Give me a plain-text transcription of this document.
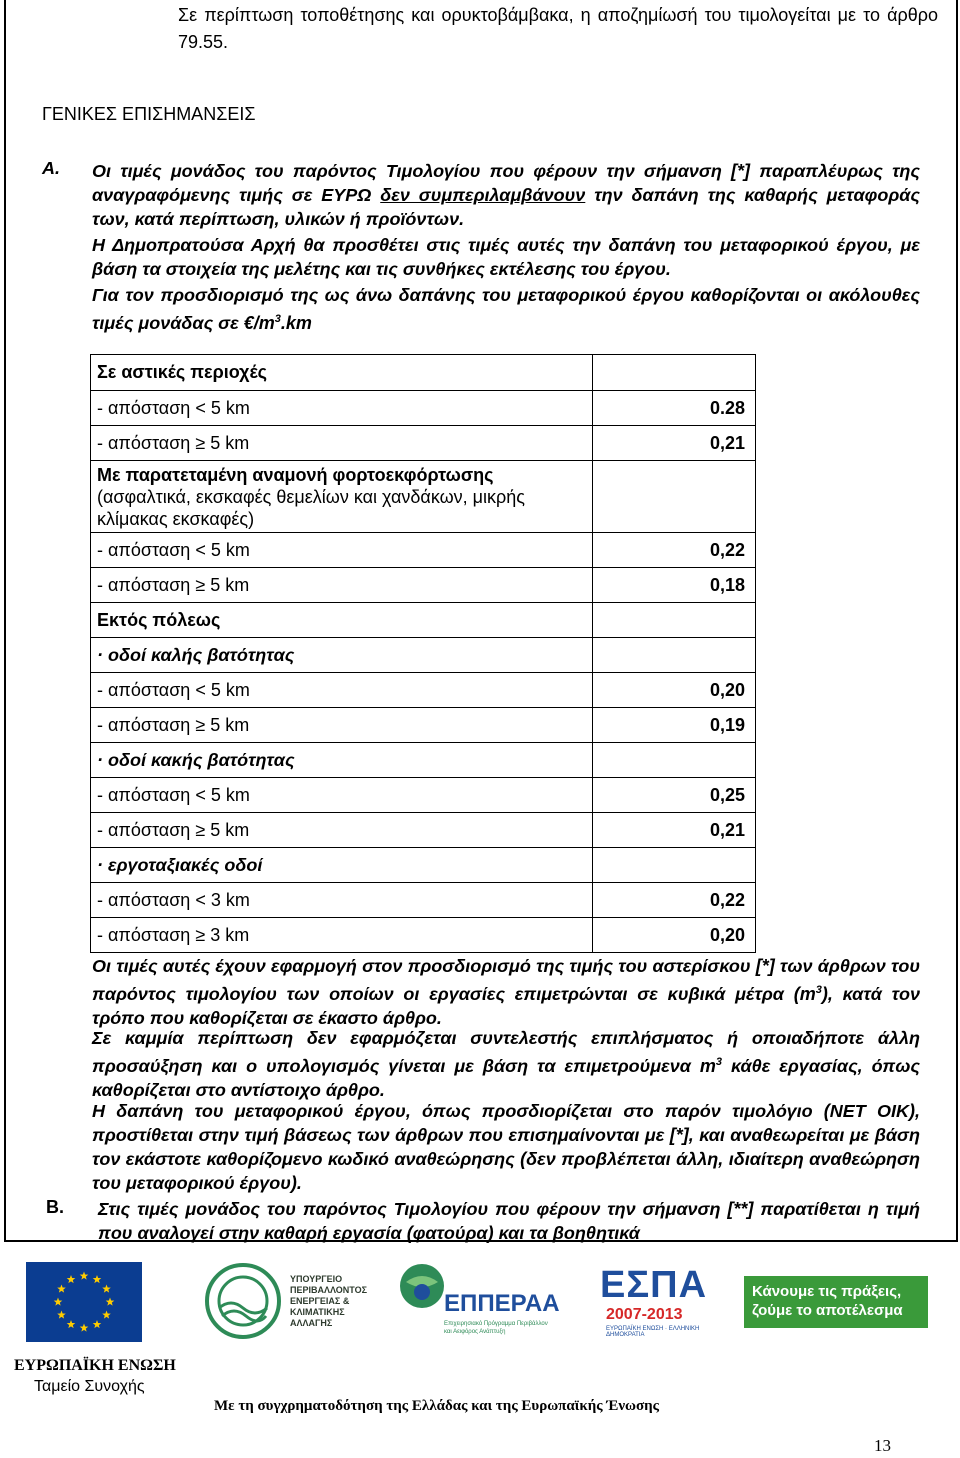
Σε περίπτωση τοποθέτησης και ορυκτοβάμβακα, η αποζημίωσή του τιμολογείται με το άρθρο 79.55.
ΓΕΝΙΚΕΣ ΕΠΙΣΗΜΑΝΣΕΙΣ
Α. Οι τιμές μονάδος του παρόντος Τιμολογίου που φέρουν την σήμανση [*] παραπλέυρως της αναγραφόμενης τιμής σε ΕΥΡΩ δεν συμπεριλαμβάνουν την δαπάνη της καθαρής μεταφοράς των, κατά περίπτωση, υλικών ή προϊόντων.
Η Δημοπρατούσα Αρχή θα προσθέτει στις τιμές αυτές την δαπάνη του μεταφορικού έργου, με βάση τα στοιχεία της μελέτης και τις συνθήκες εκτέλεσης του έργου.
Για τον προσδιορισμό της ως άνω δαπάνης του μεταφορικού έργου καθορίζονται οι ακόλουθες τιμές μονάδας σε $€/m^3.km$
Σε αστικές περιοχές	
- απόσταση < 5 km	0.28
- απόσταση ≥ 5 km	0,21

Με παρατεταμένη αναμονή φορτοεκφόρτωσης
(ασφαλτικά, εκσκαφές θεμελίων και χανδάκων, μικρής κλίμακας εκσκαφές)	

- απόσταση < 5 km	0,22
- απόσταση ≥ 5 km	0,18
Εκτός πόλεως	
· οδοί καλής βατότητας	
- απόσταση < 5 km	0,20
- απόσταση ≥ 5 km	0,19
· οδοί κακής βατότητας	
- απόσταση < 5 km	0,25
- απόσταση ≥ 5 km	0,21
· εργοταξιακές οδοί	
- απόσταση < 3 km	0,22
- απόσταση ≥ 3 km	0,20
Οι τιμές αυτές έχουν εφαρμογή στον προσδιορισμό της τιμής του αστερίσκου [*] των άρθρων του παρόντος τιμολογίου των οποίων οι εργασίες επιμετρώνται σε κυβικά μέτρα $(m^3)$, κατά τον τρόπο που καθορίζεται σε έκαστο άρθρο.
Σε καμμία περίπτωση δεν εφαρμόζεται συντελεστής επιπλήσματος ή οποιαδήποτε άλλη προσαύξηση και ο υπολογισμός γίνεται με βάση τα επιμετρούμενα $m^3$ κάθε εργασίας, όπως καθορίζεται στο αντίστοιχο άρθρο.
Η δαπάνη του μεταφορικού έργου, όπως προσδιορίζεται στο παρόν τιμολόγιο (ΝΕΤ ΟΙΚ), προστίθεται στην τιμή βάσεως των άρθρων που επισημαίνονται με [*], και αναθεωρείται με βάση τον εκάστοτε καθορίζομενο κωδικό αναθεώρησης (δεν προβλέπεται άλλη, ιδιαίτερη αναθεώρηση του μεταφορικού έργου).
Β. Στις τιμές μονάδος του παρόντος Τιμολογίου που φέρουν την σήμανση [**] παρατίθεται η τιμή που αναλογεί στην καθαρή εργασία (φατούρα) και τα βοηθητικά
ΕΥΡΩΠΑΪΚΗ ΕΝΩΣΗ
Ταμείο Συνοχής
ΥΠΟΥΡΓΕΙΟ ΠΕΡΙΒΑΛΛΟΝΤΟΣ ΕΝΕΡΓΕΙΑΣ & ΚΛΙΜΑΤΙΚΗΣ ΑΛΛΑΓΗΣ
ΕΠΠΕΡΑΑ
Επιχειρησιακό Πρόγραμμα Περιβάλλον και Αειφόρος Ανάπτυξη
ΕΣΠΑ
2007-2013
ΕΥΡΩΠΑΪΚΗ ΕΝΩΣΗ · ΕΛΛΗΝΙΚΗ ΔΗΜΟΚΡΑΤΙΑ
Κάνουμε τις πράξεις, ζούμε το αποτέλεσμα
Με τη συγχρηματοδότηση της Ελλάδας και της Ευρωπαϊκής Ένωσης
13
